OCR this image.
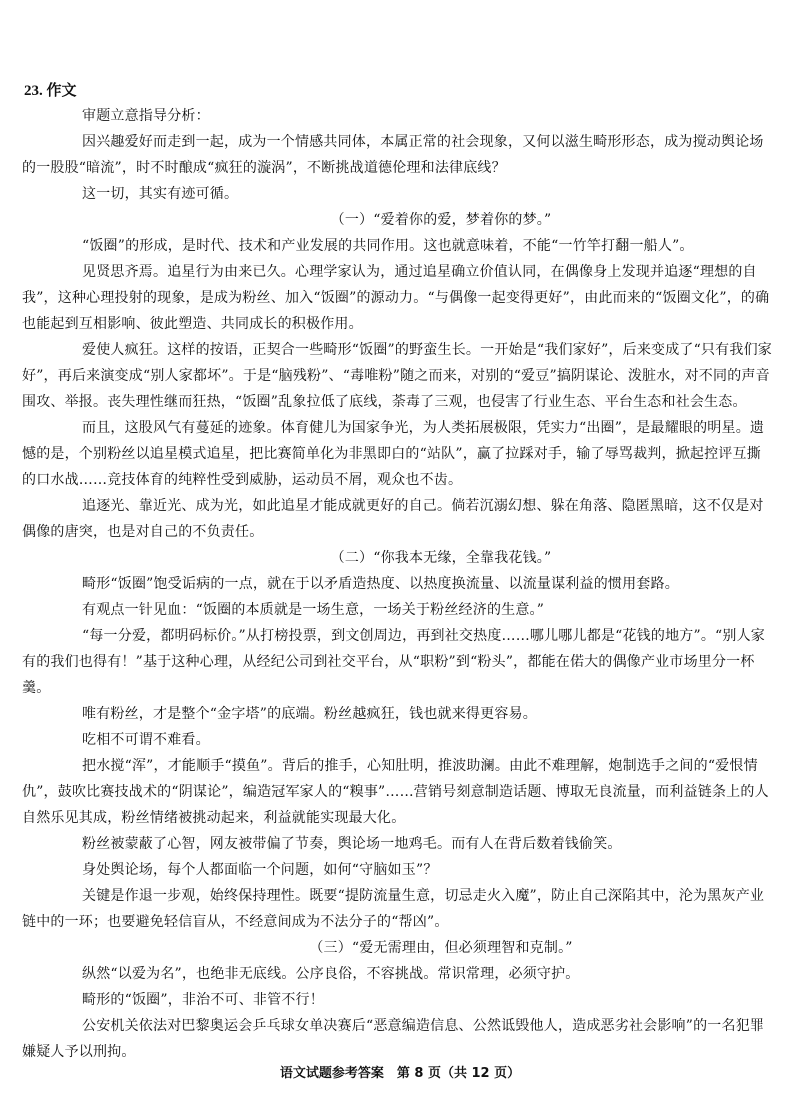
23. 作文

审题立意指导分析：

因兴趣爱好而走到一起，成为一个情感共同体，本属正常的社会现象，又何以滋生畸形形态，成为搅动舆论场的一股股“暗流”，时不时酿成“疯狂的漩涡”，不断挑战道德伦理和法律底线？

这一切，其实有迹可循。

（一）“爱着你的爱，梦着你的梦。”

“饭圈”的形成，是时代、技术和产业发展的共同作用。这也就意味着，不能“一竹竿打翻一船人”。

见贤思齐焉。追星行为由来已久。心理学家认为，通过追星确立价值认同，在偶像身上发现并追逐“理想的自我”，这种心理投射的现象，是成为粉丝、加入“饭圈”的源动力。“与偶像一起变得更好”，由此而来的“饭圈文化”，的确也能起到互相影响、彼此塑造、共同成长的积极作用。

爱使人疯狂。这样的按语，正契合一些畸形“饭圈”的野蛮生长。一开始是“我们家好”，后来变成了“只有我们家好”，再后来演变成“别人家都坏”。于是“脑残粉”、“毒唯粉”随之而来，对别的“爱豆”搞阴谋论、泼脏水，对不同的声音围攻、举报。丧失理性继而狂热，“饭圈”乱象拉低了底线，荼毒了三观，也侵害了行业生态、平台生态和社会生态。

而且，这股风气有蔓延的迹象。体育健儿为国家争光，为人类拓展极限，凭实力“出圈”，是最耀眼的明星。遗憾的是，个别粉丝以追星模式追星，把比赛简单化为非黑即白的“站队”，赢了拉踩对手，输了辱骂裁判，掀起控评互撕的口水战……竞技体育的纯粹性受到威胁，运动员不屑，观众也不齿。

追逐光、靠近光、成为光，如此追星才能成就更好的自己。倘若沉溺幻想、躲在角落、隐匿黑暗，这不仅是对偶像的唐突，也是对自己的不负责任。

（二）“你我本无缘，全靠我花钱。”

畸形“饭圈”饱受诟病的一点，就在于以矛盾造热度、以热度换流量、以流量谋利益的惯用套路。

有观点一针见血：“饭圈的本质就是一场生意，一场关于粉丝经济的生意。”

“每一分爱，都明码标价。”从打榜投票，到文创周边，再到社交热度……哪儿哪儿都是“花钱的地方”。“别人家有的我们也得有！”基于这种心理，从经纪公司到社交平台，从“职粉”到“粉头”，都能在偌大的偶像产业市场里分一杯羹。

唯有粉丝，才是整个“金字塔”的底端。粉丝越疯狂，钱也就来得更容易。

吃相不可谓不难看。

把水搅“浑”，才能顺手“摸鱼”。背后的推手，心知肚明，推波助澜。由此不难理解，炮制选手之间的“爱恨情仇”，鼓吹比赛技战术的“阴谋论”，编造冠军家人的“糗事”……营销号刻意制造话题、博取无良流量，而利益链条上的人自然乐见其成，粉丝情绪被挑动起来，利益就能实现最大化。

粉丝被蒙蔽了心智，网友被带偏了节奏，舆论场一地鸡毛。而有人在背后数着钱偷笑。

身处舆论场，每个人都面临一个问题，如何“守脑如玉”？

关键是作退一步观，始终保持理性。既要“提防流量生意，切忌走火入魔”，防止自己深陷其中，沦为黑灰产业链中的一环；也要避免轻信盲从，不经意间成为不法分子的“帮凶”。

（三）“爱无需理由，但必须理智和克制。”

纵然“以爱为名”，也绝非无底线。公序良俗，不容挑战。常识常理，必须守护。

畸形的“饭圈”，非治不可、非管不行！

公安机关依法对巴黎奥运会乒乓球女单决赛后“恶意编造信息、公然诋毁他人，造成恶劣社会影响”的一名犯罪嫌疑人予以刑拘。

语文试题参考答案　第 8 页（共 12 页）
